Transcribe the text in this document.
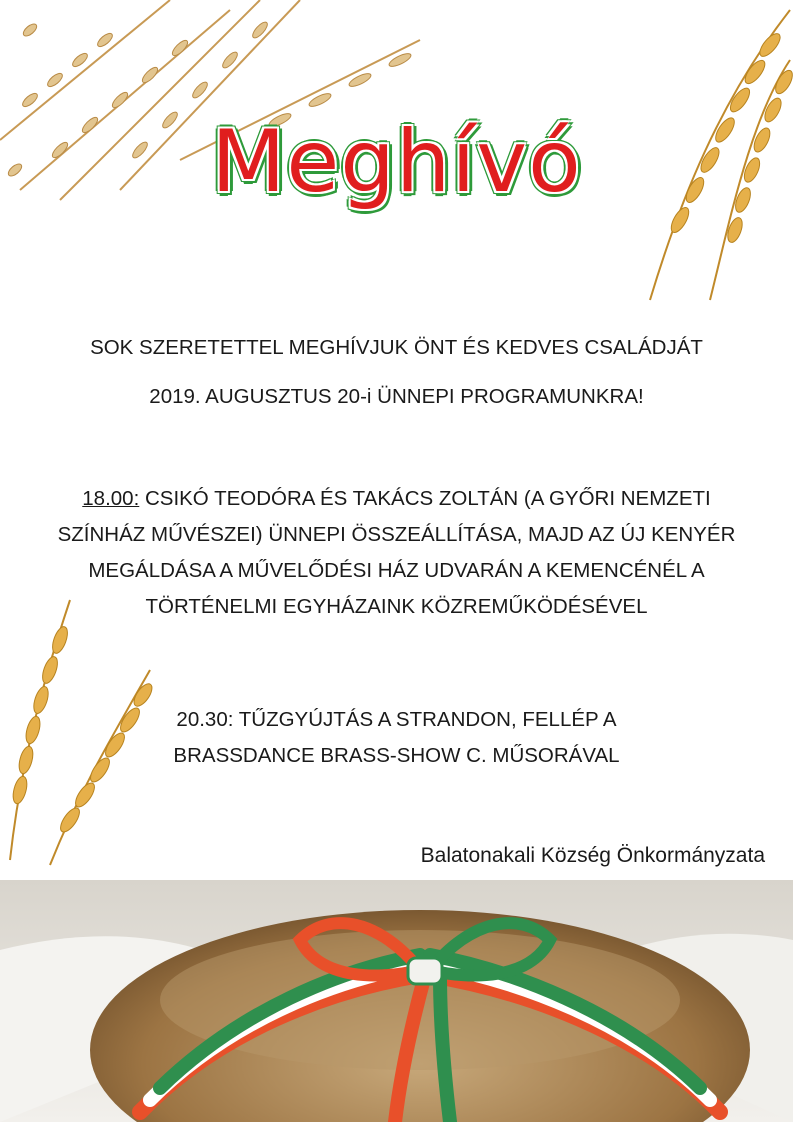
Meghívó
SOK SZERETETTEL MEGHÍVJUK ÖNT ÉS KEDVES CSALÁDJÁT
2019. AUGUSZTUS 20-i ÜNNEPI PROGRAMUNKRA!
18.00: CSIKÓ TEODÓRA ÉS TAKÁCS ZOLTÁN (A GYŐRI NEMZETI
SZÍNHÁZ MŰVÉSZEI) ÜNNEPI ÖSSZEÁLLÍTÁSA, MAJD AZ ÚJ KENYÉR
MEGÁLDÁSA A MŰVELŐDÉSI HÁZ UDVARÁN A KEMENCÉNÉL A
TÖRTÉNELMI EGYHÁZAINK KÖZREMŰKÖDÉSÉVEL
20.30: TŰZGYÚJTÁS A STRANDON, FELLÉP A
BRASSDANCE BRASS-SHOW C. MŰSORÁVAL
Balatonakali Község Önkormányzata
